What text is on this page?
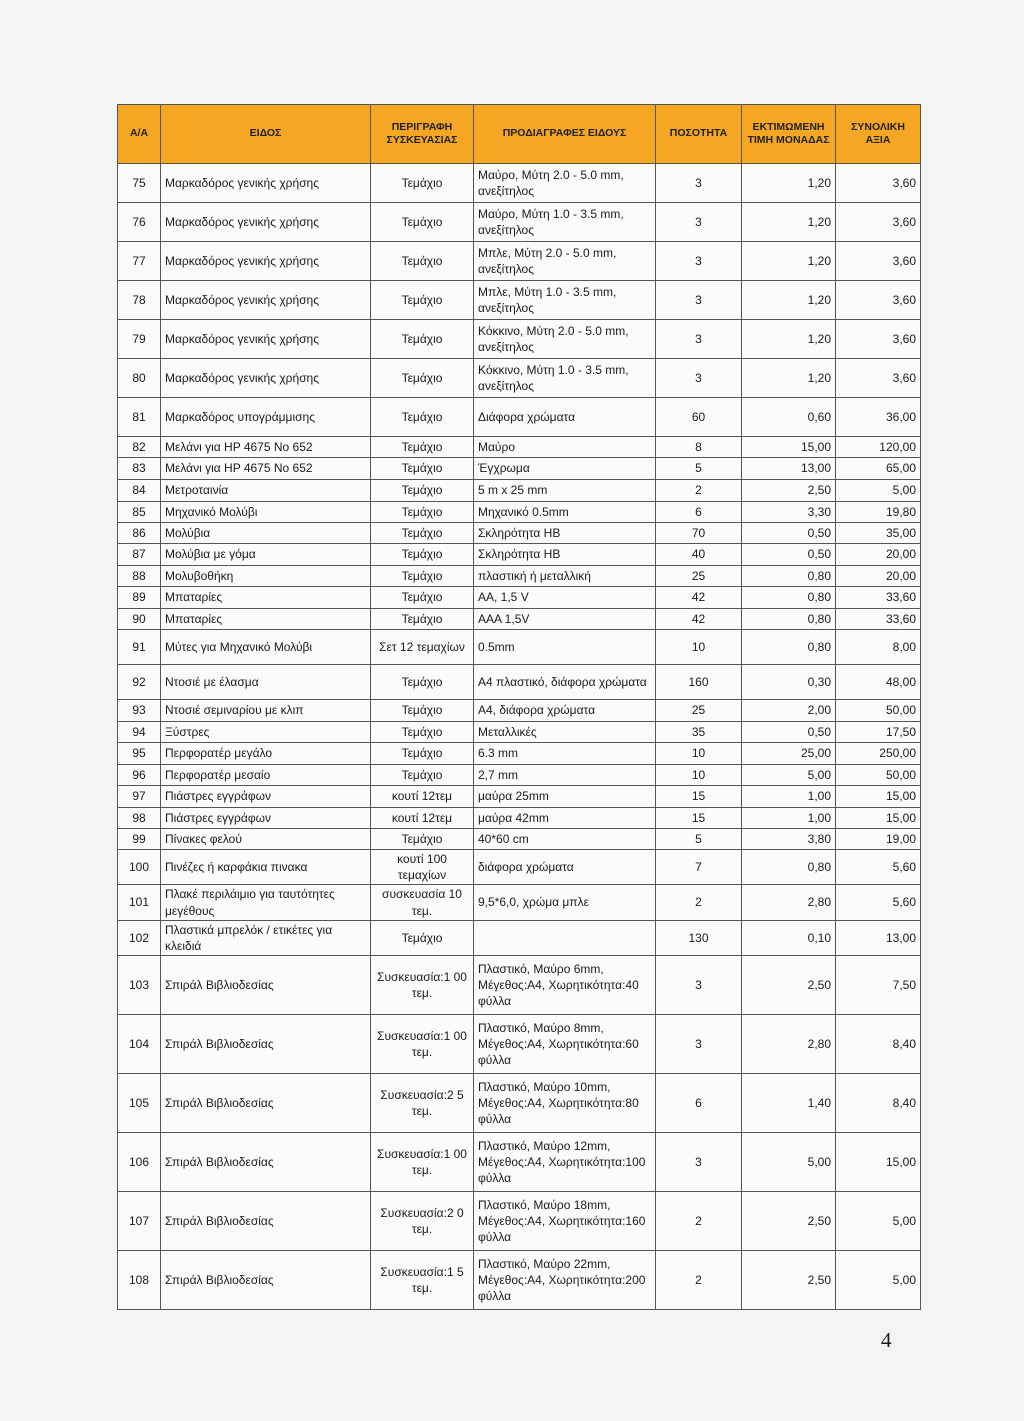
Α/Α	ΕΙΔΟΣ	ΠΕΡΙΓΡΑΦΗ ΣΥΣΚΕΥΑΣΙΑΣ	ΠΡΟΔΙΑΓΡΑΦΕΣ ΕΙΔΟΥΣ	ΠΟΣΟΤΗΤΑ	ΕΚΤΙΜΩΜΕΝΗ ΤΙΜΗ ΜΟΝΑΔΑΣ	ΣΥΝΟΛΙΚΗ ΑΞΙΑ
75	Μαρκαδόρος γενικής χρήσης	Τεμάχιο	Μαύρο, Μύτη 2.0 - 5.0 mm, ανεξίτηλος	3	1,20	3,60
76	Μαρκαδόρος γενικής χρήσης	Τεμάχιο	Μαύρο, Μύτη 1.0 - 3.5 mm, ανεξίτηλος	3	1,20	3,60
77	Μαρκαδόρος γενικής χρήσης	Τεμάχιο	Μπλε, Μύτη 2.0 - 5.0 mm, ανεξίτηλος	3	1,20	3,60
78	Μαρκαδόρος γενικής χρήσης	Τεμάχιο	Μπλε, Μύτη 1.0 - 3.5 mm, ανεξίτηλος	3	1,20	3,60
79	Μαρκαδόρος γενικής χρήσης	Τεμάχιο	Κόκκινο, Μύτη 2.0 - 5.0 mm, ανεξίτηλος	3	1,20	3,60
80	Μαρκαδόρος γενικής χρήσης	Τεμάχιο	Κόκκινο, Μύτη 1.0 - 3.5 mm, ανεξίτηλος	3	1,20	3,60
81	Μαρκαδόρος υπογράμμισης	Τεμάχιο	Διάφορα χρώματα	60	0,60	36,00
82	Μελάνι για HP 4675 No 652	Τεμάχιο	Μαύρο	8	15,00	120,00
83	Μελάνι για HP 4675 No 652	Τεμάχιο	Έγχρωμα	5	13,00	65,00
84	Μετροταινία	Τεμάχιο	5 m x 25 mm	2	2,50	5,00
85	Μηχανικό Μολύβι	Τεμάχιο	Μηχανικό 0.5mm	6	3,30	19,80
86	Μολύβια	Τεμάχιο	Σκληρότητα ΗΒ	70	0,50	35,00
87	Μολύβια με γόμα	Τεμάχιο	Σκληρότητα ΗΒ	40	0,50	20,00
88	Μολυβοθήκη	Τεμάχιο	πλαστική ή μεταλλική	25	0,80	20,00
89	Μπαταρίες	Τεμάχιο	ΑΑ, 1,5 V	42	0,80	33,60
90	Μπαταρίες	Τεμάχιο	ΑΑΑ 1,5V	42	0,80	33,60
91	Μύτες για Μηχανικό Μολύβι	Σετ 12 τεμαχίων	0.5mm	10	0,80	8,00
92	Ντοσιέ με έλασμα	Τεμάχιο	Α4 πλαστικό, διάφορα χρώματα	160	0,30	48,00
93	Ντοσιέ σεμιναρίου με κλιπ	Τεμάχιο	Α4, διάφορα χρώματα	25	2,00	50,00
94	Ξύστρες	Τεμάχιο	Μεταλλικές	35	0,50	17,50
95	Περφορατέρ μεγάλο	Τεμάχιο	6.3 mm	10	25,00	250,00
96	Περφορατέρ μεσαίο	Τεμάχιο	2,7 mm	10	5,00	50,00
97	Πιάστρες εγγράφων	κουτί 12τεμ	μαύρα 25mm	15	1,00	15,00
98	Πιάστρες εγγράφων	κουτί 12τεμ	μαύρα 42mm	15	1,00	15,00
99	Πίνακες φελού	Τεμάχιο	40*60 cm	5	3,80	19,00
100	Πινέζες ή καρφάκια πινακα	κουτί 100 τεμαχίων	διάφορα χρώματα	7	0,80	5,60
101	Πλακέ περιλάιμιο για ταυτότητες μεγέθους	συσκευασία 10 τεμ.	9,5*6,0, χρώμα μπλε	2	2,80	5,60
102	Πλαστικά μπρελόκ / ετικέτες για κλειδιά	Τεμάχιο		130	0,10	13,00
103	Σπιράλ Βιβλιοδεσίας	Συσκευασία:1 00 τεμ.	Πλαστικό, Μαύρο 6mm, Μέγεθος:Α4, Χωρητικότητα:40 φύλλα	3	2,50	7,50
104	Σπιράλ Βιβλιοδεσίας	Συσκευασία:1 00 τεμ.	Πλαστικό, Μαύρο 8mm, Μέγεθος:Α4, Χωρητικότητα:60 φύλλα	3	2,80	8,40
105	Σπιράλ Βιβλιοδεσίας	Συσκευασία:2 5 τεμ.	Πλαστικό, Μαύρο 10mm, Μέγεθος:Α4, Χωρητικότητα:80 φύλλα	6	1,40	8,40
106	Σπιράλ Βιβλιοδεσίας	Συσκευασία:1 00 τεμ.	Πλαστικό, Μαύρο 12mm, Μέγεθος:Α4, Χωρητικότητα:100 φύλλα	3	5,00	15,00
107	Σπιράλ Βιβλιοδεσίας	Συσκευασία:2 0 τεμ.	Πλαστικό, Μαύρο 18mm, Μέγεθος:Α4, Χωρητικότητα:160 φύλλα	2	2,50	5,00
108	Σπιράλ Βιβλιοδεσίας	Συσκευασία:1 5 τεμ.	Πλαστικό, Μαύρο 22mm, Μέγεθος:Α4, Χωρητικότητα:200 φύλλα	2	2,50	5,00
4
